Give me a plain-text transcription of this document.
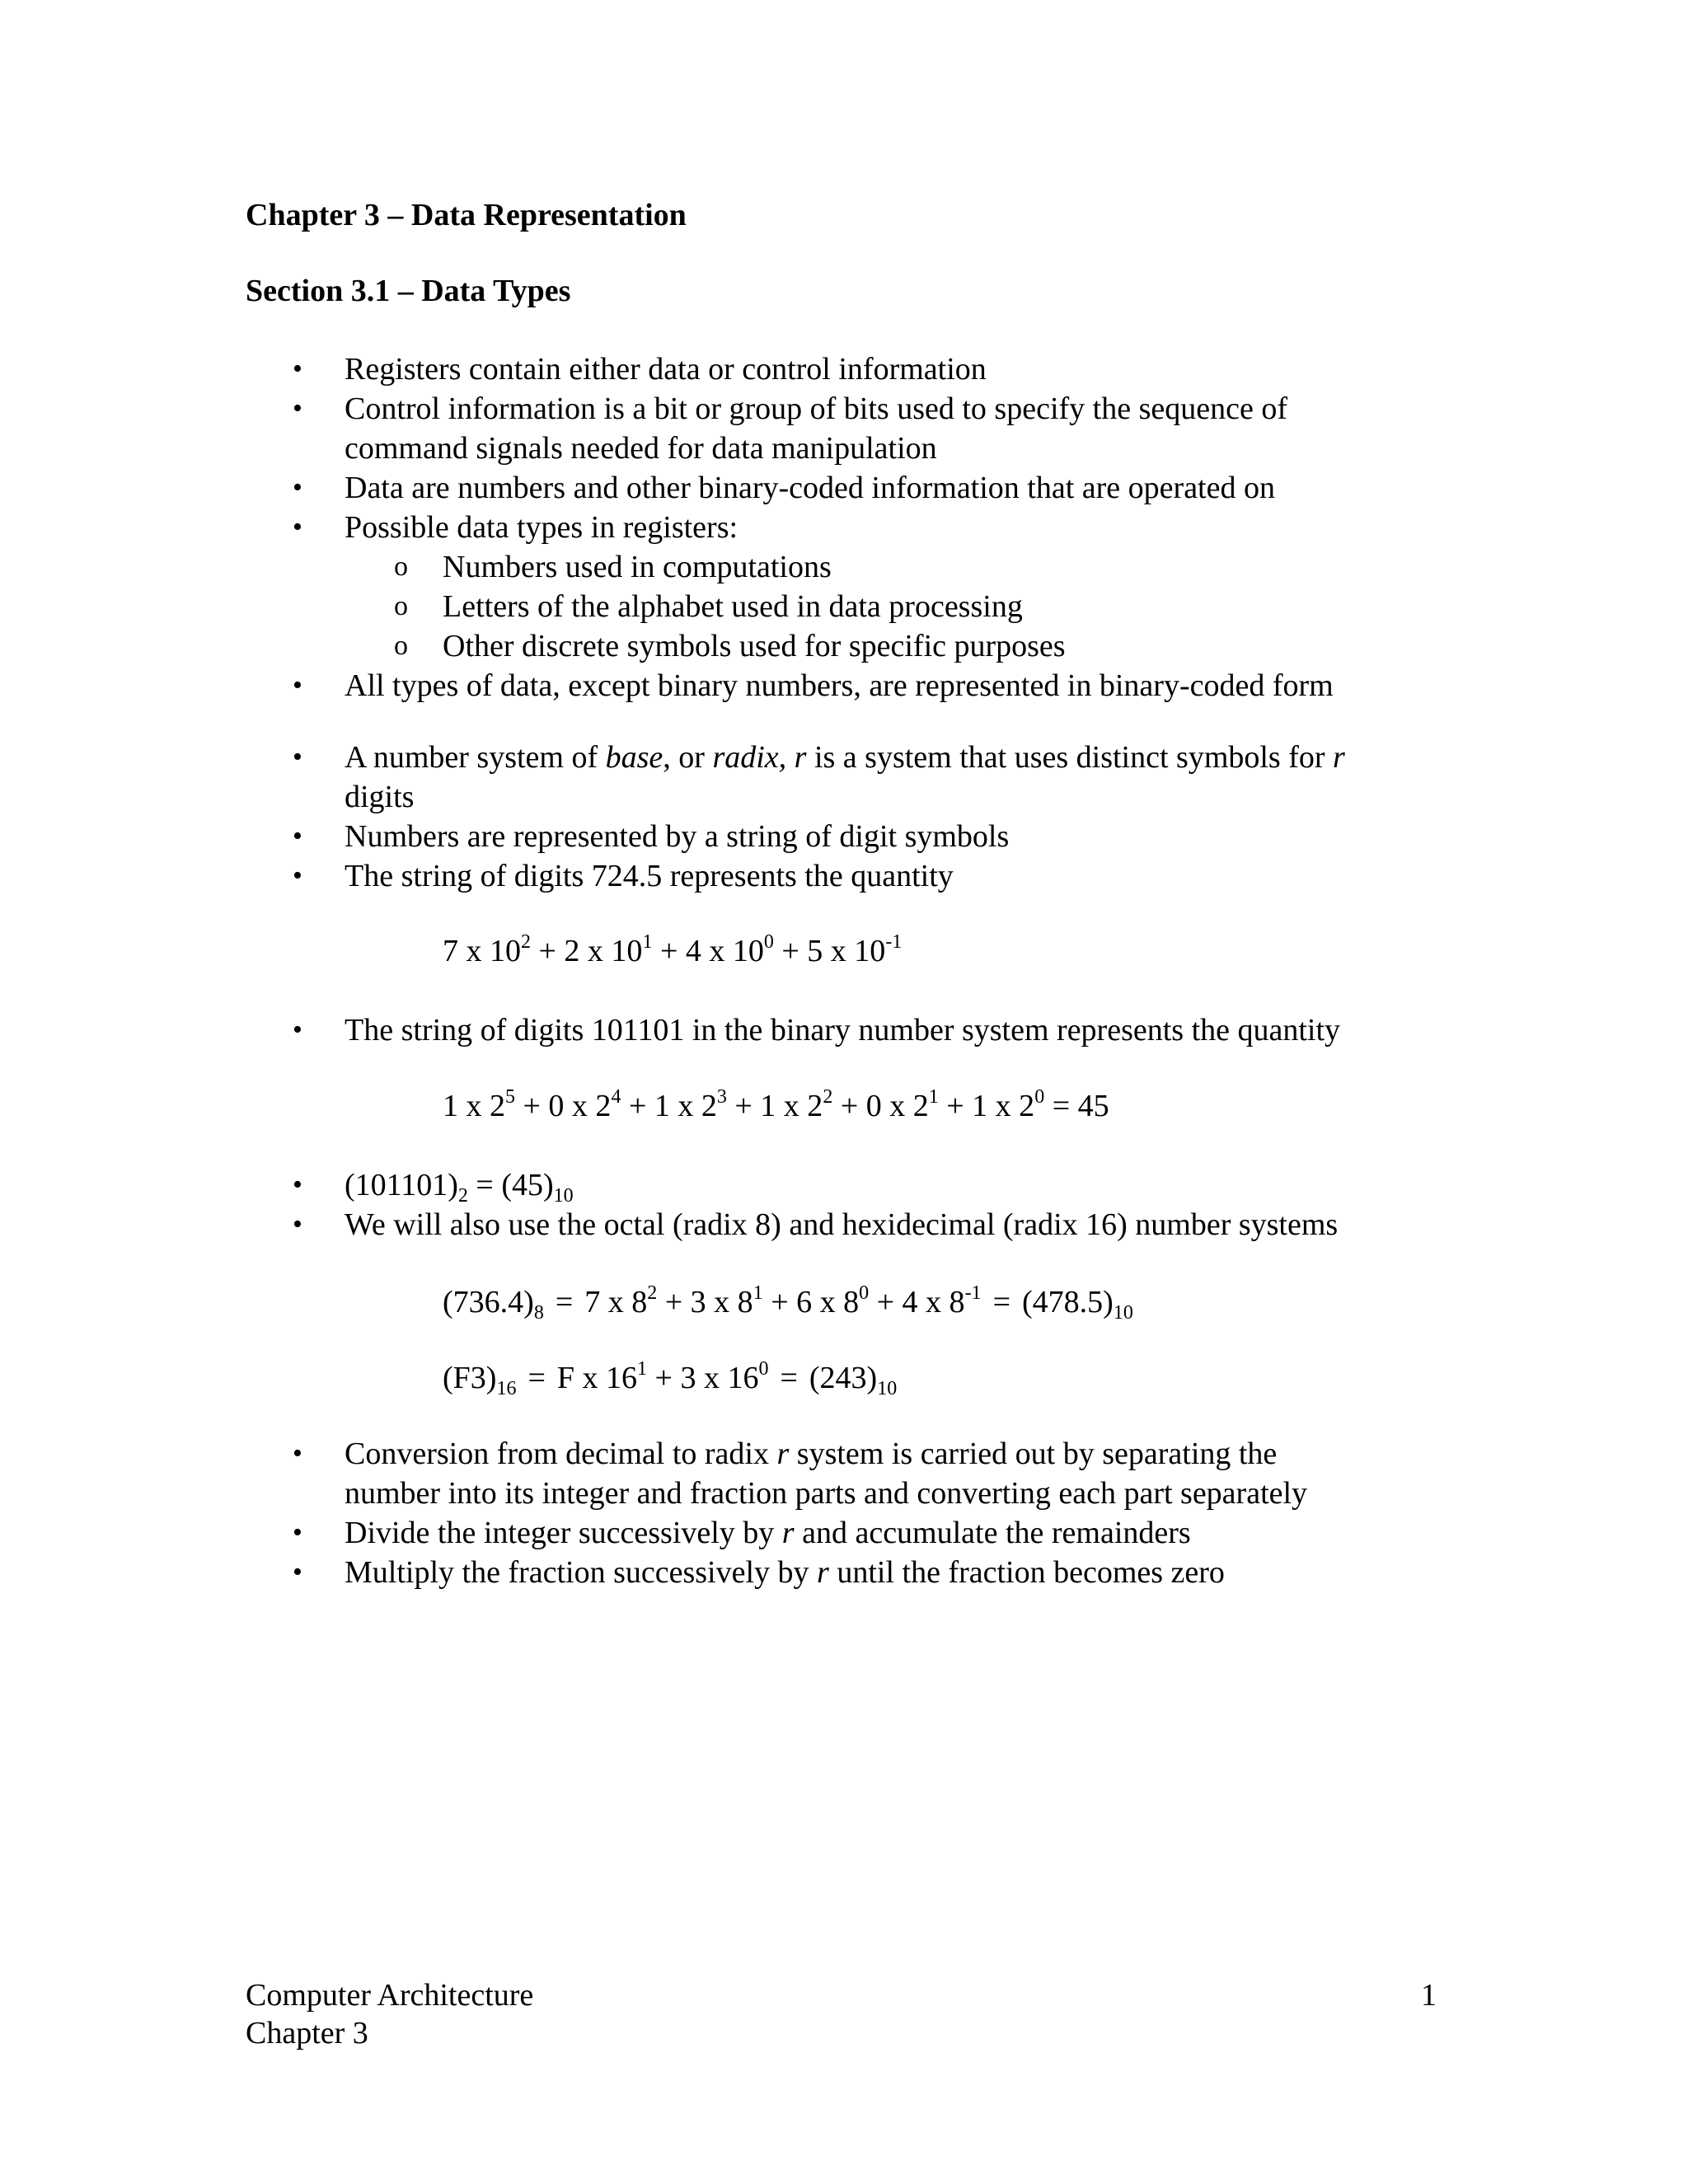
Chapter 3 – Data Representation
Section 3.1 – Data Types
• Registers contain either data or control information
• Control information is a bit or group of bits used to specify the sequence of command signals needed for data manipulation
• Data are numbers and other binary-coded information that are operated on
• Possible data types in registers:
o Numbers used in computations
o Letters of the alphabet used in data processing
o Other discrete symbols used for specific purposes
• All types of data, except binary numbers, are represented in binary-coded form
• A number system of base, or radix, r is a system that uses distinct symbols for r digits
• Numbers are represented by a string of digit symbols
• The string of digits 724.5 represents the quantity
7 x $10^2 + 2$ x $10^1 + 4$ x $10^0 + 5$ x $10^{-1}$
• The string of digits 101101 in the binary number system represents the quantity
1 x $2^5 + 0$ x $2^4 + 1$ x $2^3 + 1$ x $2^2 + 0$ x $2^1 + 1$ x $2^0 = 45$
• $(101101)_2 = (45)_{10}$
• We will also use the octal (radix 8) and hexidecimal (radix 16) number systems
$(736.4)_8 = 7$ x $8^2 + 3$ x $8^1 + 6$ x $8^0 + 4$ x $8^{-1} = (478.5)_{10}$
$(F3)_{16} = F$ x $16^1 + 3$ x $16^0 = (243)_{10}$
• Conversion from decimal to radix r system is carried out by separating the number into its integer and fraction parts and converting each part separately
• Divide the integer successively by r and accumulate the remainders
• Multiply the fraction successively by r until the fraction becomes zero
Computer Architecture
Chapter 3
1
